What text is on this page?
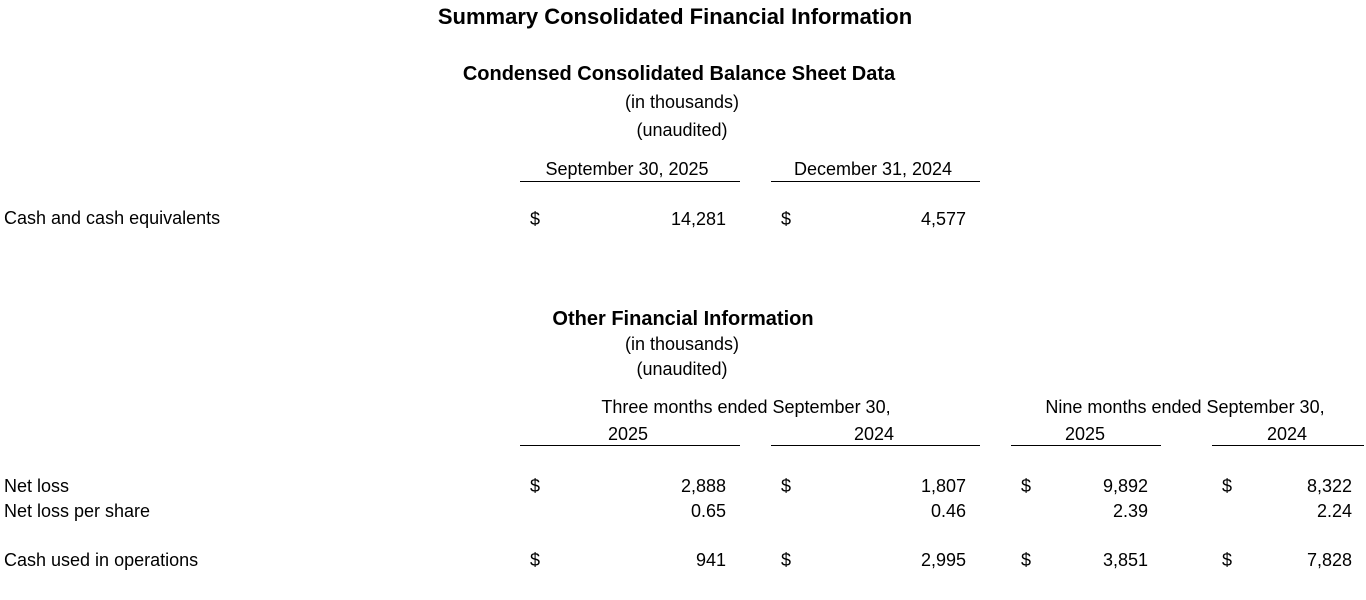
Summary Consolidated Financial Information
Condensed Consolidated Balance Sheet Data
(in thousands)
(unaudited)
September 30, 2025	December 31, 2024
Cash and cash equivalents	$	14,281	$	4,577
Other Financial Information
(in thousands)
(unaudited)
Three months ended September 30,	Nine months ended September 30,
2025	2024	2025	2024
Net loss	$	2,888	$	1,807	$	9,892	$	8,322
Net loss per share	0.65	0.46	2.39	2.24
Cash used in operations	$	941	$	2,995	$	3,851	$	7,828
